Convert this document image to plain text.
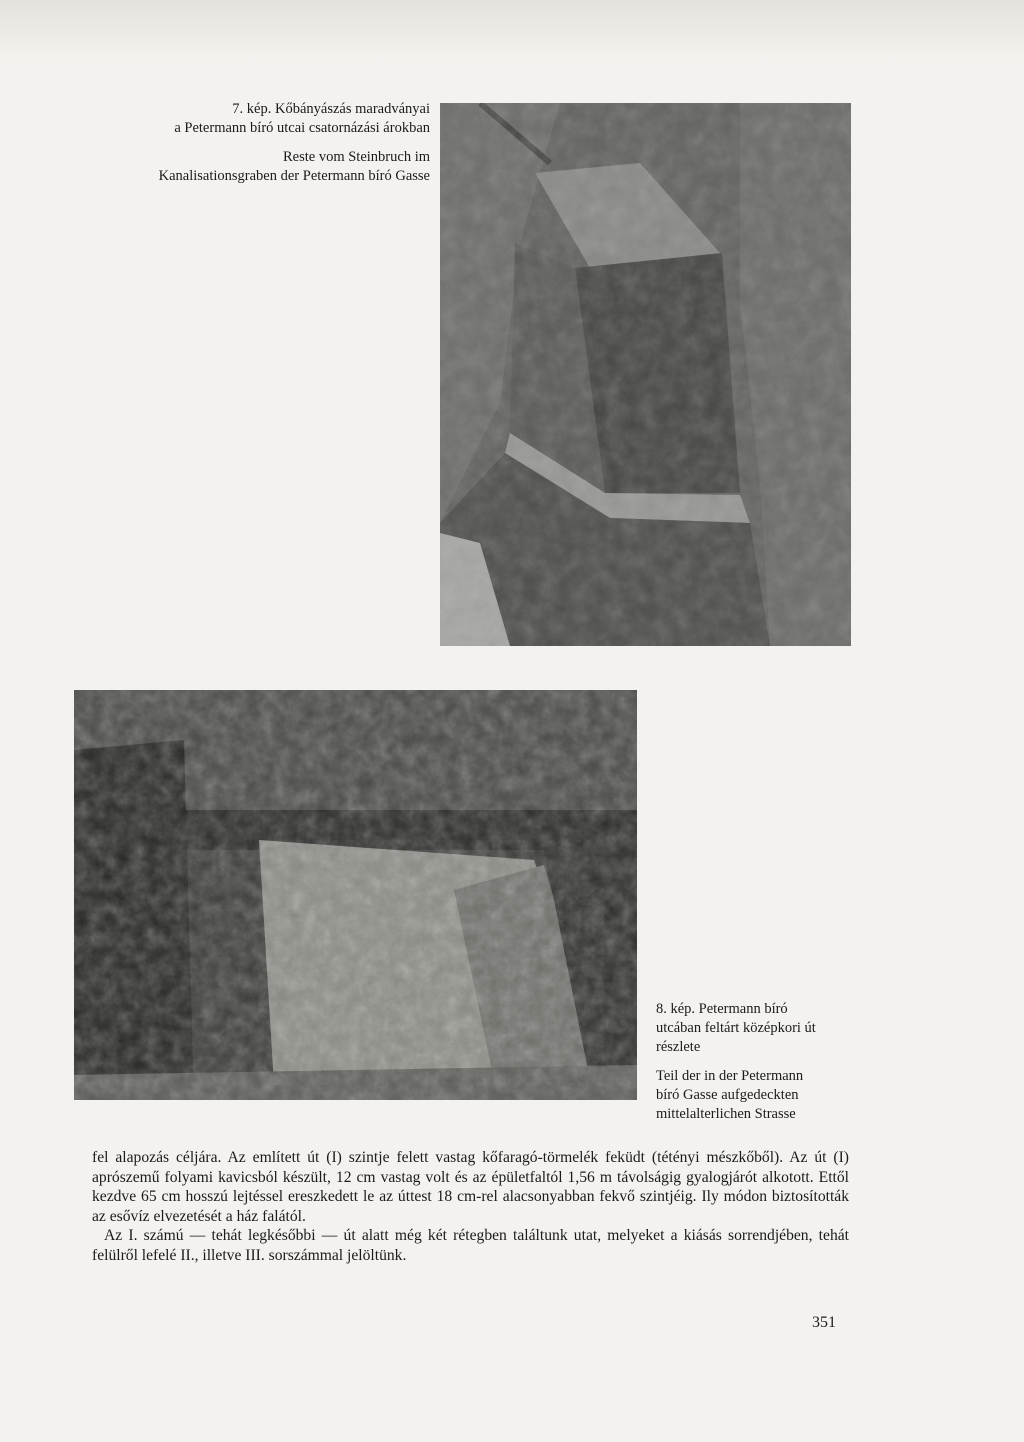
7. kép. Kőbányászás maradványai

a Petermann bíró utcai csatornázási árokban

Reste vom Steinbruch im

Kanalisationsgraben der Petermann bíró Gasse

8. kép. Petermann bíró

utcában feltárt középkori út

részlete

Teil der in der Petermann

bíró Gasse aufgedeckten

mittelalterlichen Strasse

fel alapozás céljára. Az említett út (I) szintje felett vastag kőfaragó-törmelék feküdt (tétényi mészkőből). Az út (I) aprószemű folyami kavicsból készült, 12 cm vastag volt és az épületfaltól 1,56 m távolságig gyalogjárót alkotott. Ettől kezdve 65 cm hosszú lejtéssel ereszkedett le az úttest 18 cm-rel alacsonyabban fekvő szintjéig. Ily módon biztosították az esővíz elvezetését a ház falától.

Az I. számú — tehát legkésőbbi — út alatt még két rétegben találtunk utat, melyeket a kiásás sorrendjében, tehát felülről lefelé II., illetve III. sorszámmal jelöltünk.

351
